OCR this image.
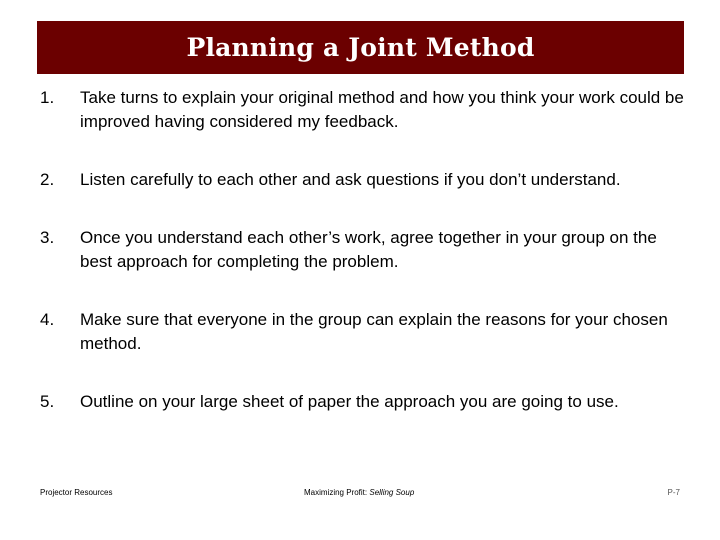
Planning a Joint Method
1.	Take turns to explain your original method and how you think your work could be improved having considered my feedback.
2.	Listen carefully to each other and ask questions if you don’t understand.
3.	Once you understand each other’s work, agree together in your group on the best approach for completing the problem.
4.	Make sure that everyone in the group can explain the reasons for your chosen method.
5.	Outline on your large sheet of paper the approach you are going to use.
Projector Resources	Maximizing Profit: Selling Soup	P-7
